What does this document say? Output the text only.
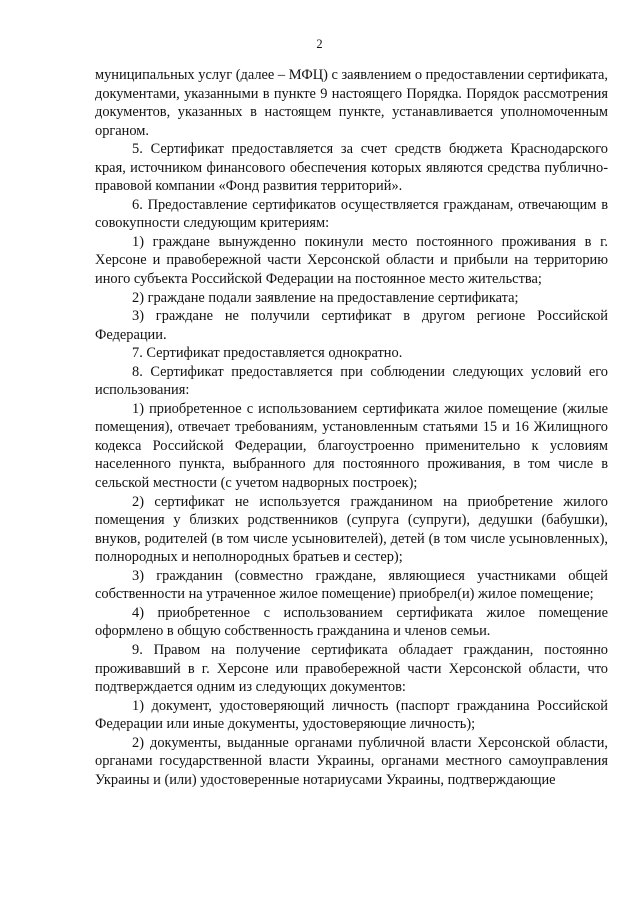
2

муниципальных услуг (далее – МФЦ) с заявлением о предоставлении сертификата, документами, указанными в пункте 9 настоящего Порядка. Порядок рассмотрения документов, указанных в настоящем пункте, устанавливается уполномоченным органом.

5. Сертификат предоставляется за счет средств бюджета Краснодарского края, источником финансового обеспечения которых являются средства публично-правовой компании «Фонд развития территорий».

6. Предоставление сертификатов осуществляется гражданам, отвечающим в совокупности следующим критериям:

1) граждане вынужденно покинули место постоянного проживания в г. Херсоне и правобережной части Херсонской области и прибыли на территорию иного субъекта Российской Федерации на постоянное место жительства;

2) граждане подали заявление на предоставление сертификата;

3) граждане не получили сертификат в другом регионе Российской Федерации.

7. Сертификат предоставляется однократно.

8. Сертификат предоставляется при соблюдении следующих условий его использования:

1) приобретенное с использованием сертификата жилое помещение (жилые помещения), отвечает требованиям, установленным статьями 15 и 16 Жилищного кодекса Российской Федерации, благоустроенно применительно к условиям населенного пункта, выбранного для постоянного проживания, в том числе в сельской местности (с учетом надворных построек);

2) сертификат не используется гражданином на приобретение жилого помещения у близких родственников (супруга (супруги), дедушки (бабушки), внуков, родителей (в том числе усыновителей), детей (в том числе усыновленных), полнородных и неполнородных братьев и сестер);

3) гражданин (совместно граждане, являющиеся участниками общей собственности на утраченное жилое помещение) приобрел(и) жилое помещение;

4) приобретенное с использованием сертификата жилое помещение оформлено в общую собственность гражданина и членов семьи.

9. Правом на получение сертификата обладает гражданин, постоянно проживавший в г. Херсоне или правобережной части Херсонской области, что подтверждается одним из следующих документов:

1) документ, удостоверяющий личность (паспорт гражданина Российской Федерации или иные документы, удостоверяющие личность);

2) документы, выданные органами публичной власти Херсонской области, органами государственной власти Украины, органами местного самоуправления Украины и (или) удостоверенные нотариусами Украины, подтверждающие
